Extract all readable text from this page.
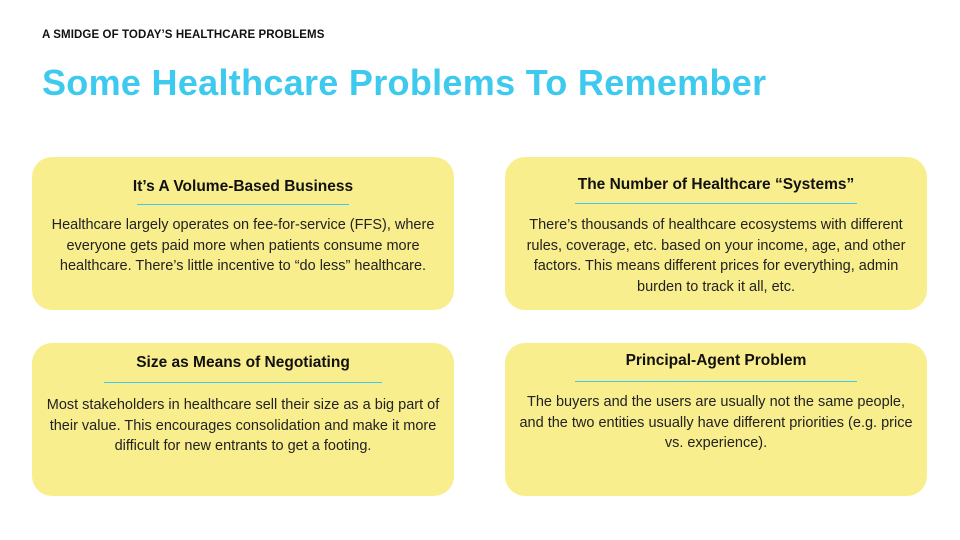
A SMIDGE OF TODAY’S HEALTHCARE PROBLEMS
Some Healthcare Problems To Remember
It’s A Volume-Based Business
Healthcare largely operates on fee-for-service (FFS), where everyone gets paid more when patients consume more healthcare. There’s little incentive to “do less” healthcare.
The Number of Healthcare “Systems”
There’s thousands of healthcare ecosystems with different rules, coverage, etc. based on your income, age, and other factors. This means different prices for everything, admin burden to track it all, etc.
Size as Means of Negotiating
Most stakeholders in healthcare sell their size as a big part of their value. This encourages consolidation and make it more difficult for new entrants to get a footing.
Principal-Agent Problem
The buyers and the users are usually not the same people, and the two entities usually have different priorities (e.g. price vs. experience).
